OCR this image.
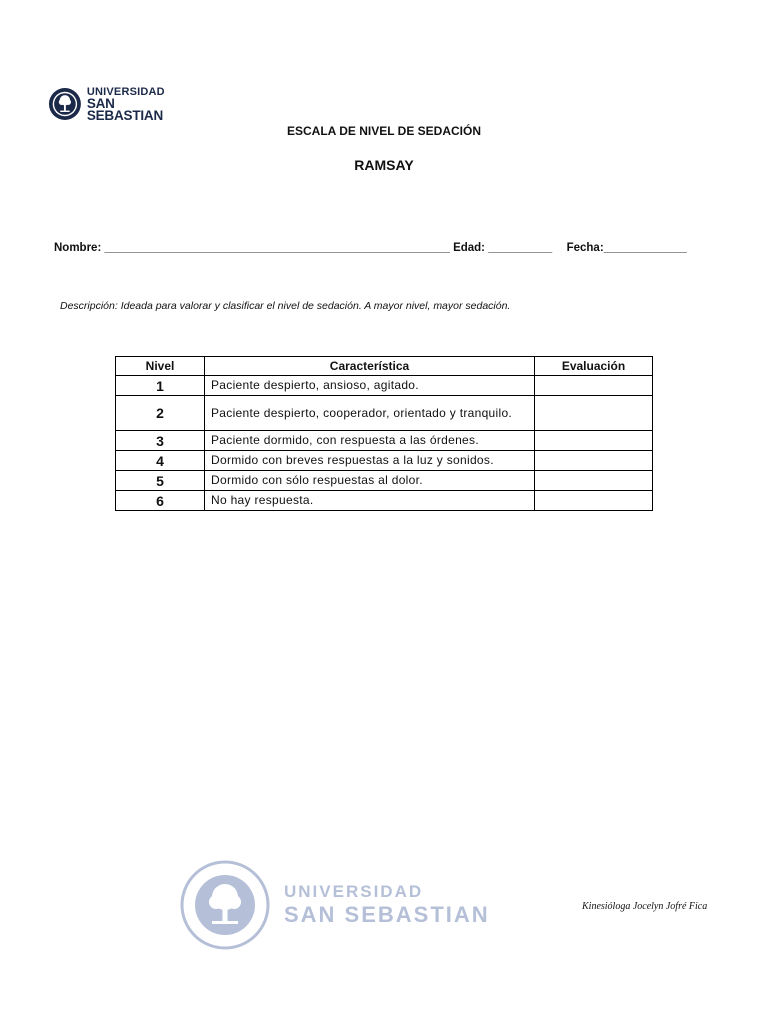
UNIVERSIDAD
SAN SEBASTIAN
ESCALA DE NIVEL DE SEDACIÓN
RAMSAY
Nombre: ______________________________________________________ Edad: __________ Fecha:_____________
Descripción: Ideada para valorar y clasificar el nivel de sedación. A mayor nivel, mayor sedación.
Nivel	Característica	Evaluación
1	Paciente despierto, ansioso, agitado.	
2	Paciente despierto, cooperador, orientado y tranquilo.	
3	Paciente dormido, con respuesta a las órdenes.	
4	Dormido con breves respuestas a la luz y sonidos.	
5	Dormido con sólo respuestas al dolor.	
6	No hay respuesta.	
UNIVERSIDAD
SAN SEBASTIAN	Kinesióloga Jocelyn Jofré Fica
